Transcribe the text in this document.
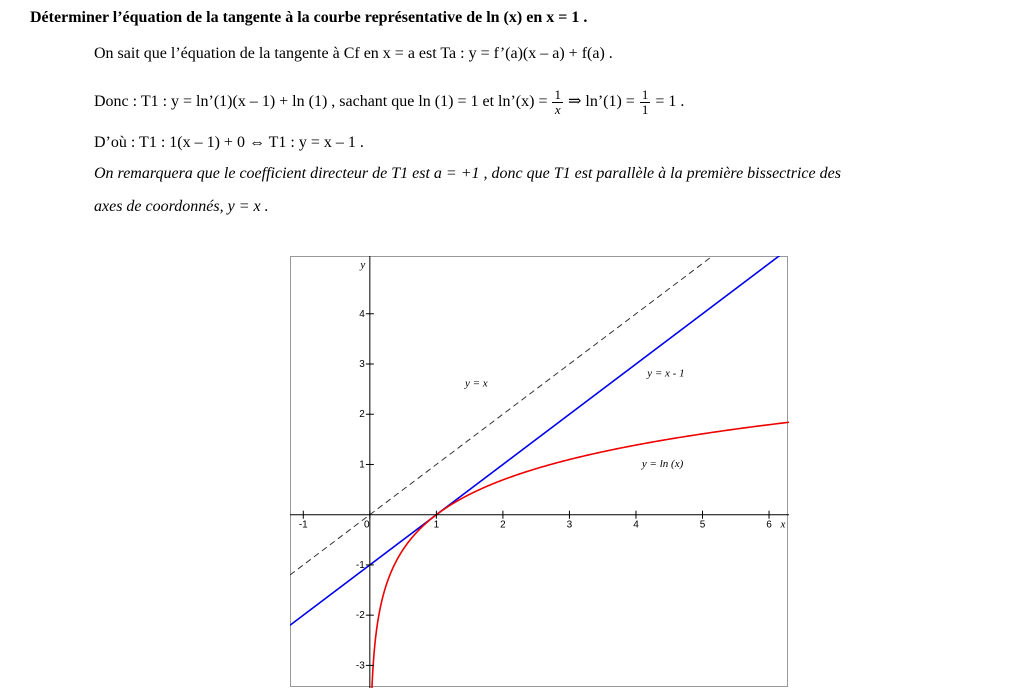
Déterminer l’équation de la tangente à la courbe représentative de ln (x) en x = 1 .
On sait que l’équation de la tangente à Cf en x = a est Ta : y = f’(a)(x – a) + f(a) .
Donc : T1 : y = ln’(1)(x – 1) + ln (1) , sachant que ln (1) = 1 et ln’(x) = $\frac{1}{x}$ ⇒ ln’(1) = $\frac{1}{1} = 1$ .
D’où : T1 : 1(x – 1) + 0 ⇔ T1 : y = x – 1 .
On remarquera que le coefficient directeur de T1 est a = +1 , donc que T1 est parallèle à la première bissectrice des
axes de coordonnés, y = x .
-1	0	1	2	3	4	5	6
-3
-2
-1
1
2
3
4
x
y
y = x
y = x - 1
y = ln (x)
